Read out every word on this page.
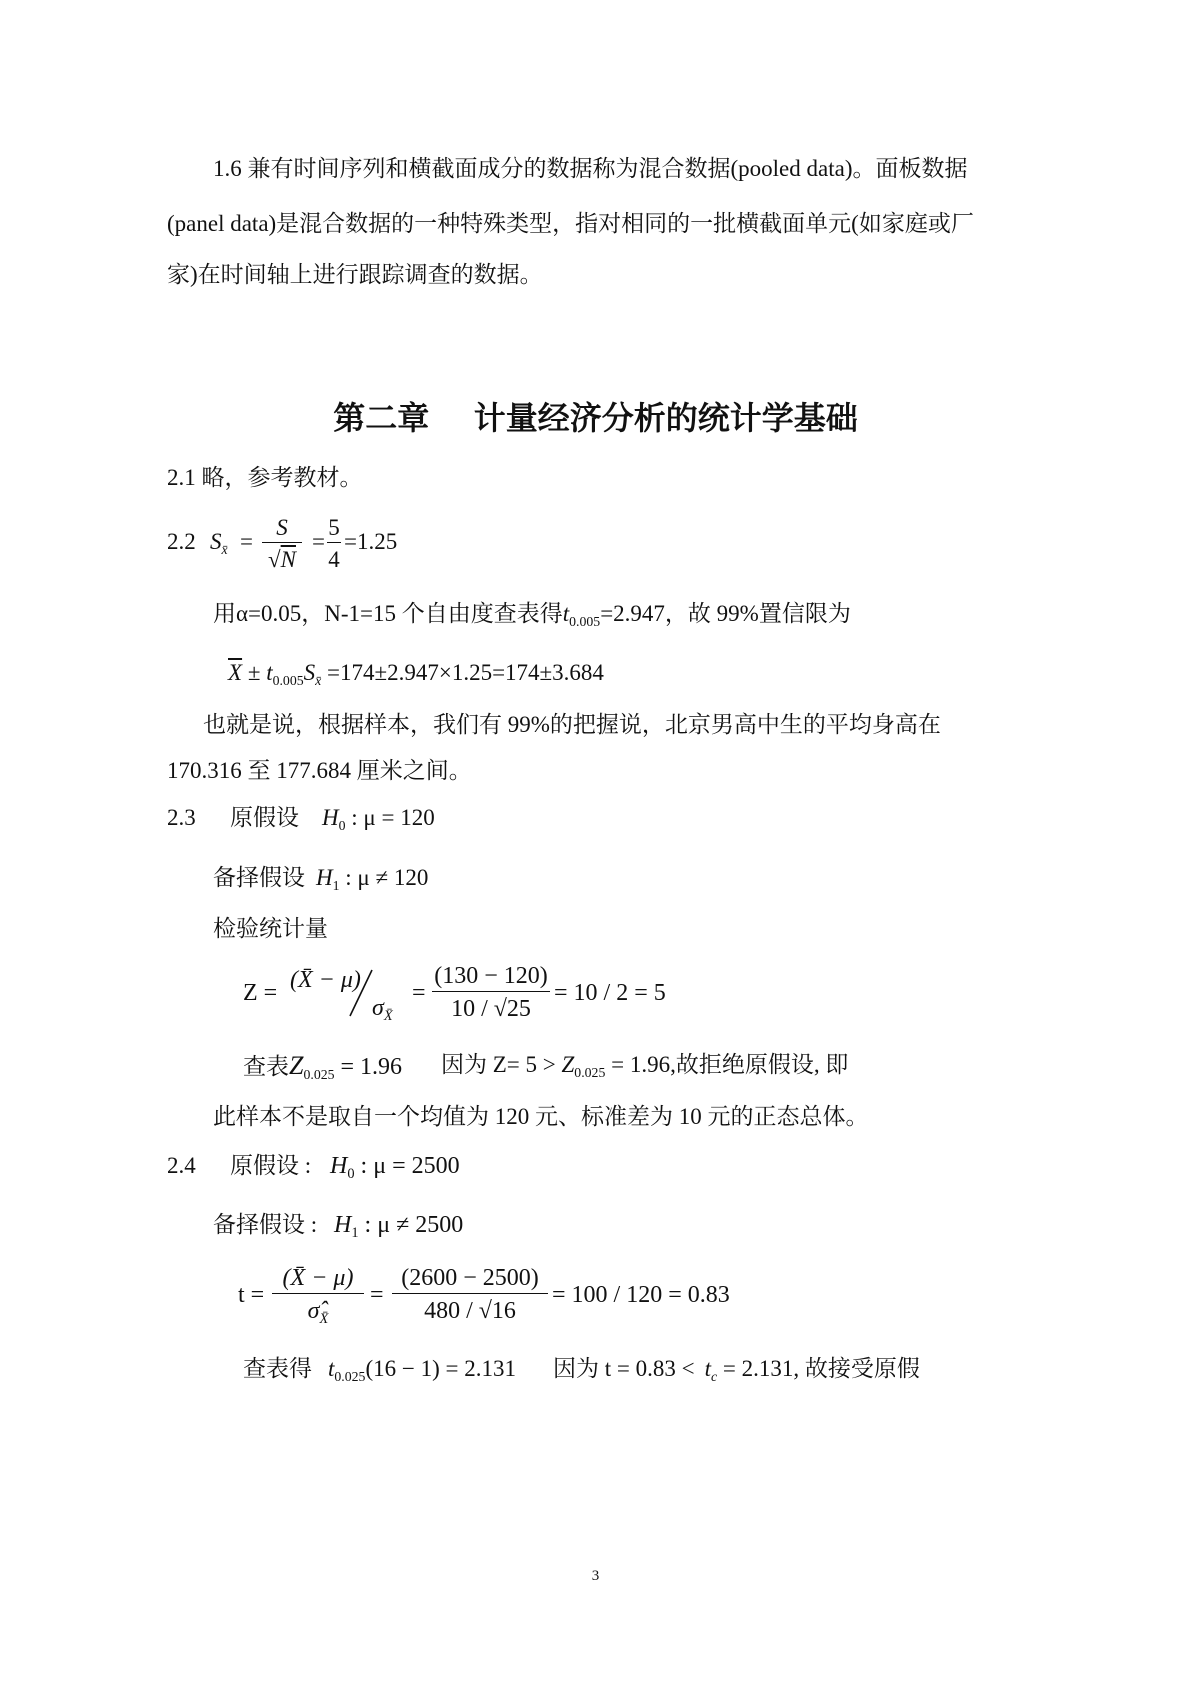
1.6 兼有时间序列和横截面成分的数据称为混合数据(pooled data)。面板数据
(panel data)是混合数据的一种特殊类型，指对相同的一批横截面单元(如家庭或厂
家)在时间轴上进行跟踪调查的数据。
第二章    计量经济分析的统计学基础
2.1 略，参考教材。
2.2 $S_{x̄}$ =
S
√N
=
5
4
=1.25
用α=0.05，N-1=15 个自由度查表得$t_{0.005}=2.947$，故 99%置信限为
$\overline{X} \pm t_{0.005}S_{x̄} =174\pm 2.947\times 1.25=174\pm 3.684$
也就是说，根据样本，我们有 99%的把握说，北京男高中生的平均身高在
170.316 至 177.684 厘米之间。
2.3 原假设 $H_0$ : μ = 120
备择假设 $H_1$ : μ ≠ 120
检验统计量
Z = (X̄ − μ)
$\sigma_{X̄}$
=
(130 − 120)
10 / √25
= 10 / 2 = 5
查表$Z_{0.025} = 1.96$ 因为 $Z= 5 > Z_{0.025} = 1.96$,故拒绝原假设, 即
此样本不是取自一个均值为 120 元、标准差为 10 元的正态总体。
2.4 原假设 : $H_0$ : μ = 2500
备择假设 : $H_1$ : μ ≠ 2500
t =
(X̄ − μ)
$\sigmâ_{X̄}$
=
(2600 − 2500)
480 / √16
= 100 / 120 = 0.83
查表得 $t_{0.025}(16 - 1) = 2.131$ 因为 $t = 0.83 < t_c = 2.131$, 故接受原假
3
